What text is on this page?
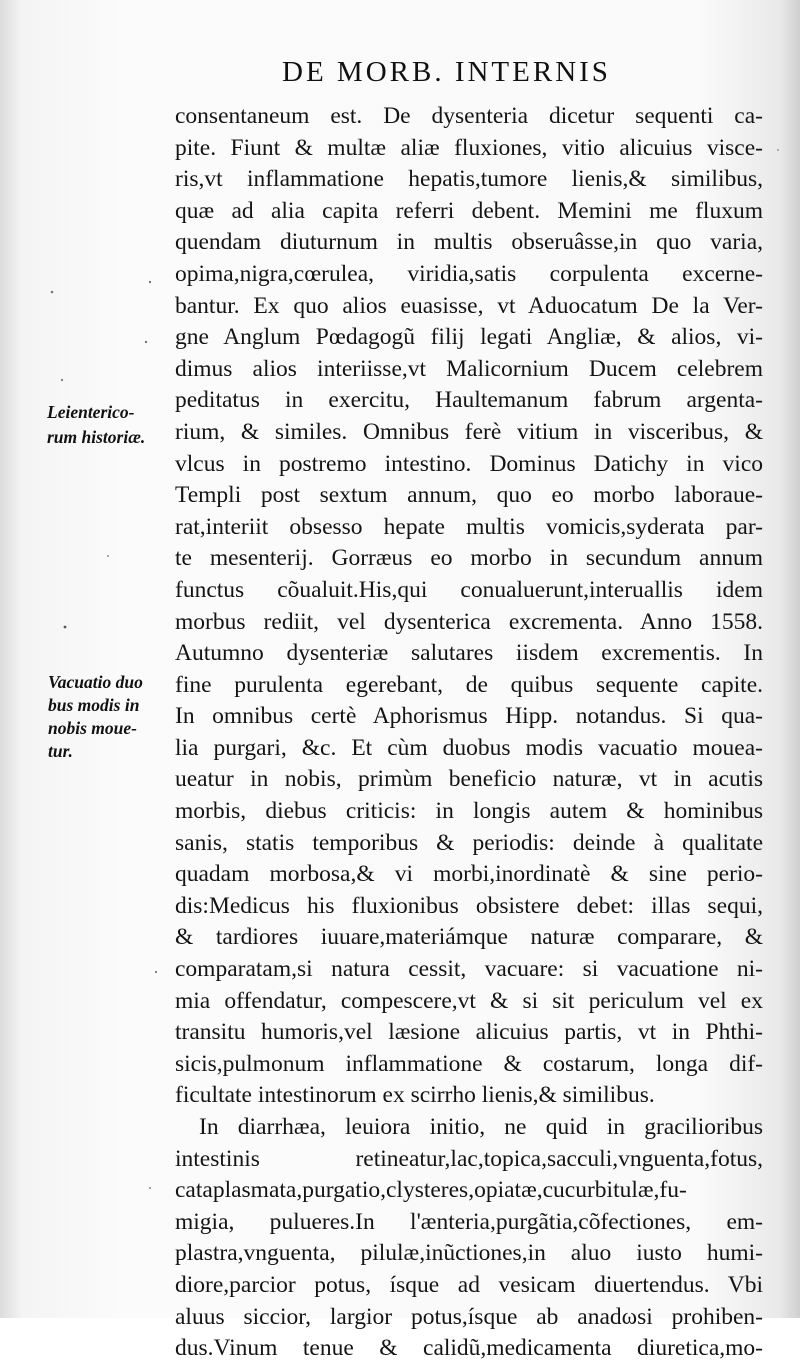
DE MORB. INTERNIS
Leienterico-
rum historiæ.
Vacuatio duo
bus modis in
nobis moue-
tur.
consentaneum est. De dysenteria dicetur sequenti ca-
pite. Fiunt & multæ aliæ fluxiones, vitio alicuius visce-
ris,vt inflammatione hepatis,tumore lienis,& similibus,
quæ ad alia capita referri debent. Memini me fluxum
quendam diuturnum in multis obseruâsse,in quo varia,
opima,nigra,cœrulea, viridia,satis corpulenta excerne-
bantur. Ex quo alios euasisse, vt Aduocatum De la Ver-
gne Anglum Pœdagogũ filij legati Angliæ, & alios, vi-
dimus alios interiisse,vt Malicornium Ducem celebrem
peditatus in exercitu, Haultemanum fabrum argenta-
rium, & similes. Omnibus ferè vitium in visceribus, &
vlcus in postremo intestino. Dominus Datichy in vico
Templi post sextum annum, quo eo morbo laborauе-
rat,interiit obsesso hepate multis vomicis,syderata par-
te mesenterij. Gorræus eo morbo in secundum annum
functus cõualuit.His,qui conualuerunt,interuallis idem
morbus rediit, vel dysenterica excrementa. Anno 1558.
Autumno dysenteriæ salutares iisdem excrementis. In
fine purulenta egerebant, de quibus sequente capite.
In omnibus certè Aphorismus Hipp. notandus. Si qua-
lia purgari, &c. Et cùm duobus modis vacuatio mouea-
ueatur in nobis, primùm beneficio naturæ, vt in acutis
morbis, diebus criticis: in longis autem & hominibus
sanis, statis temporibus & periodis: deinde à qualitate
quadam morbosa,& vi morbi,inordinatè & sine perio-
dis:Medicus his fluxionibus obsistere debet: illas sequi,
& tardiores iuuare,materiámque naturæ comparare, &
comparatam,si natura cessit, vacuare: si vacuatione ni-
mia offendatur, compescere,vt & si sit periculum vel ex
transitu humoris,vel læsione alicuius partis, vt in Phthi-
sicis,pulmonum inflammatione & costarum, longa dif-
ficultate intestinorum ex scirrho lienis,& similibus.
In diarrhæa, leuiora initio, ne quid in gracilioribus
intestinis retineatur,lac,topica,sacculi,vnguenta,fotus,
cataplasmata,purgatio,clysteres,opiatæ,cucurbitulæ,fu-
migia, pulueres.In l'ænteria,purgãtia,cõfectiones, em-
plastra,vnguenta, pilulæ,inũctiones,in aluo iusto humi-
diore,parcior potus, ísque ad vesicam diuertendus. Vbi
aluus siccior, largior potus,ísque ab anadωsi prohiben-
dus.Vinum tenue & calidũ,medicamenta diuretica,mo-
